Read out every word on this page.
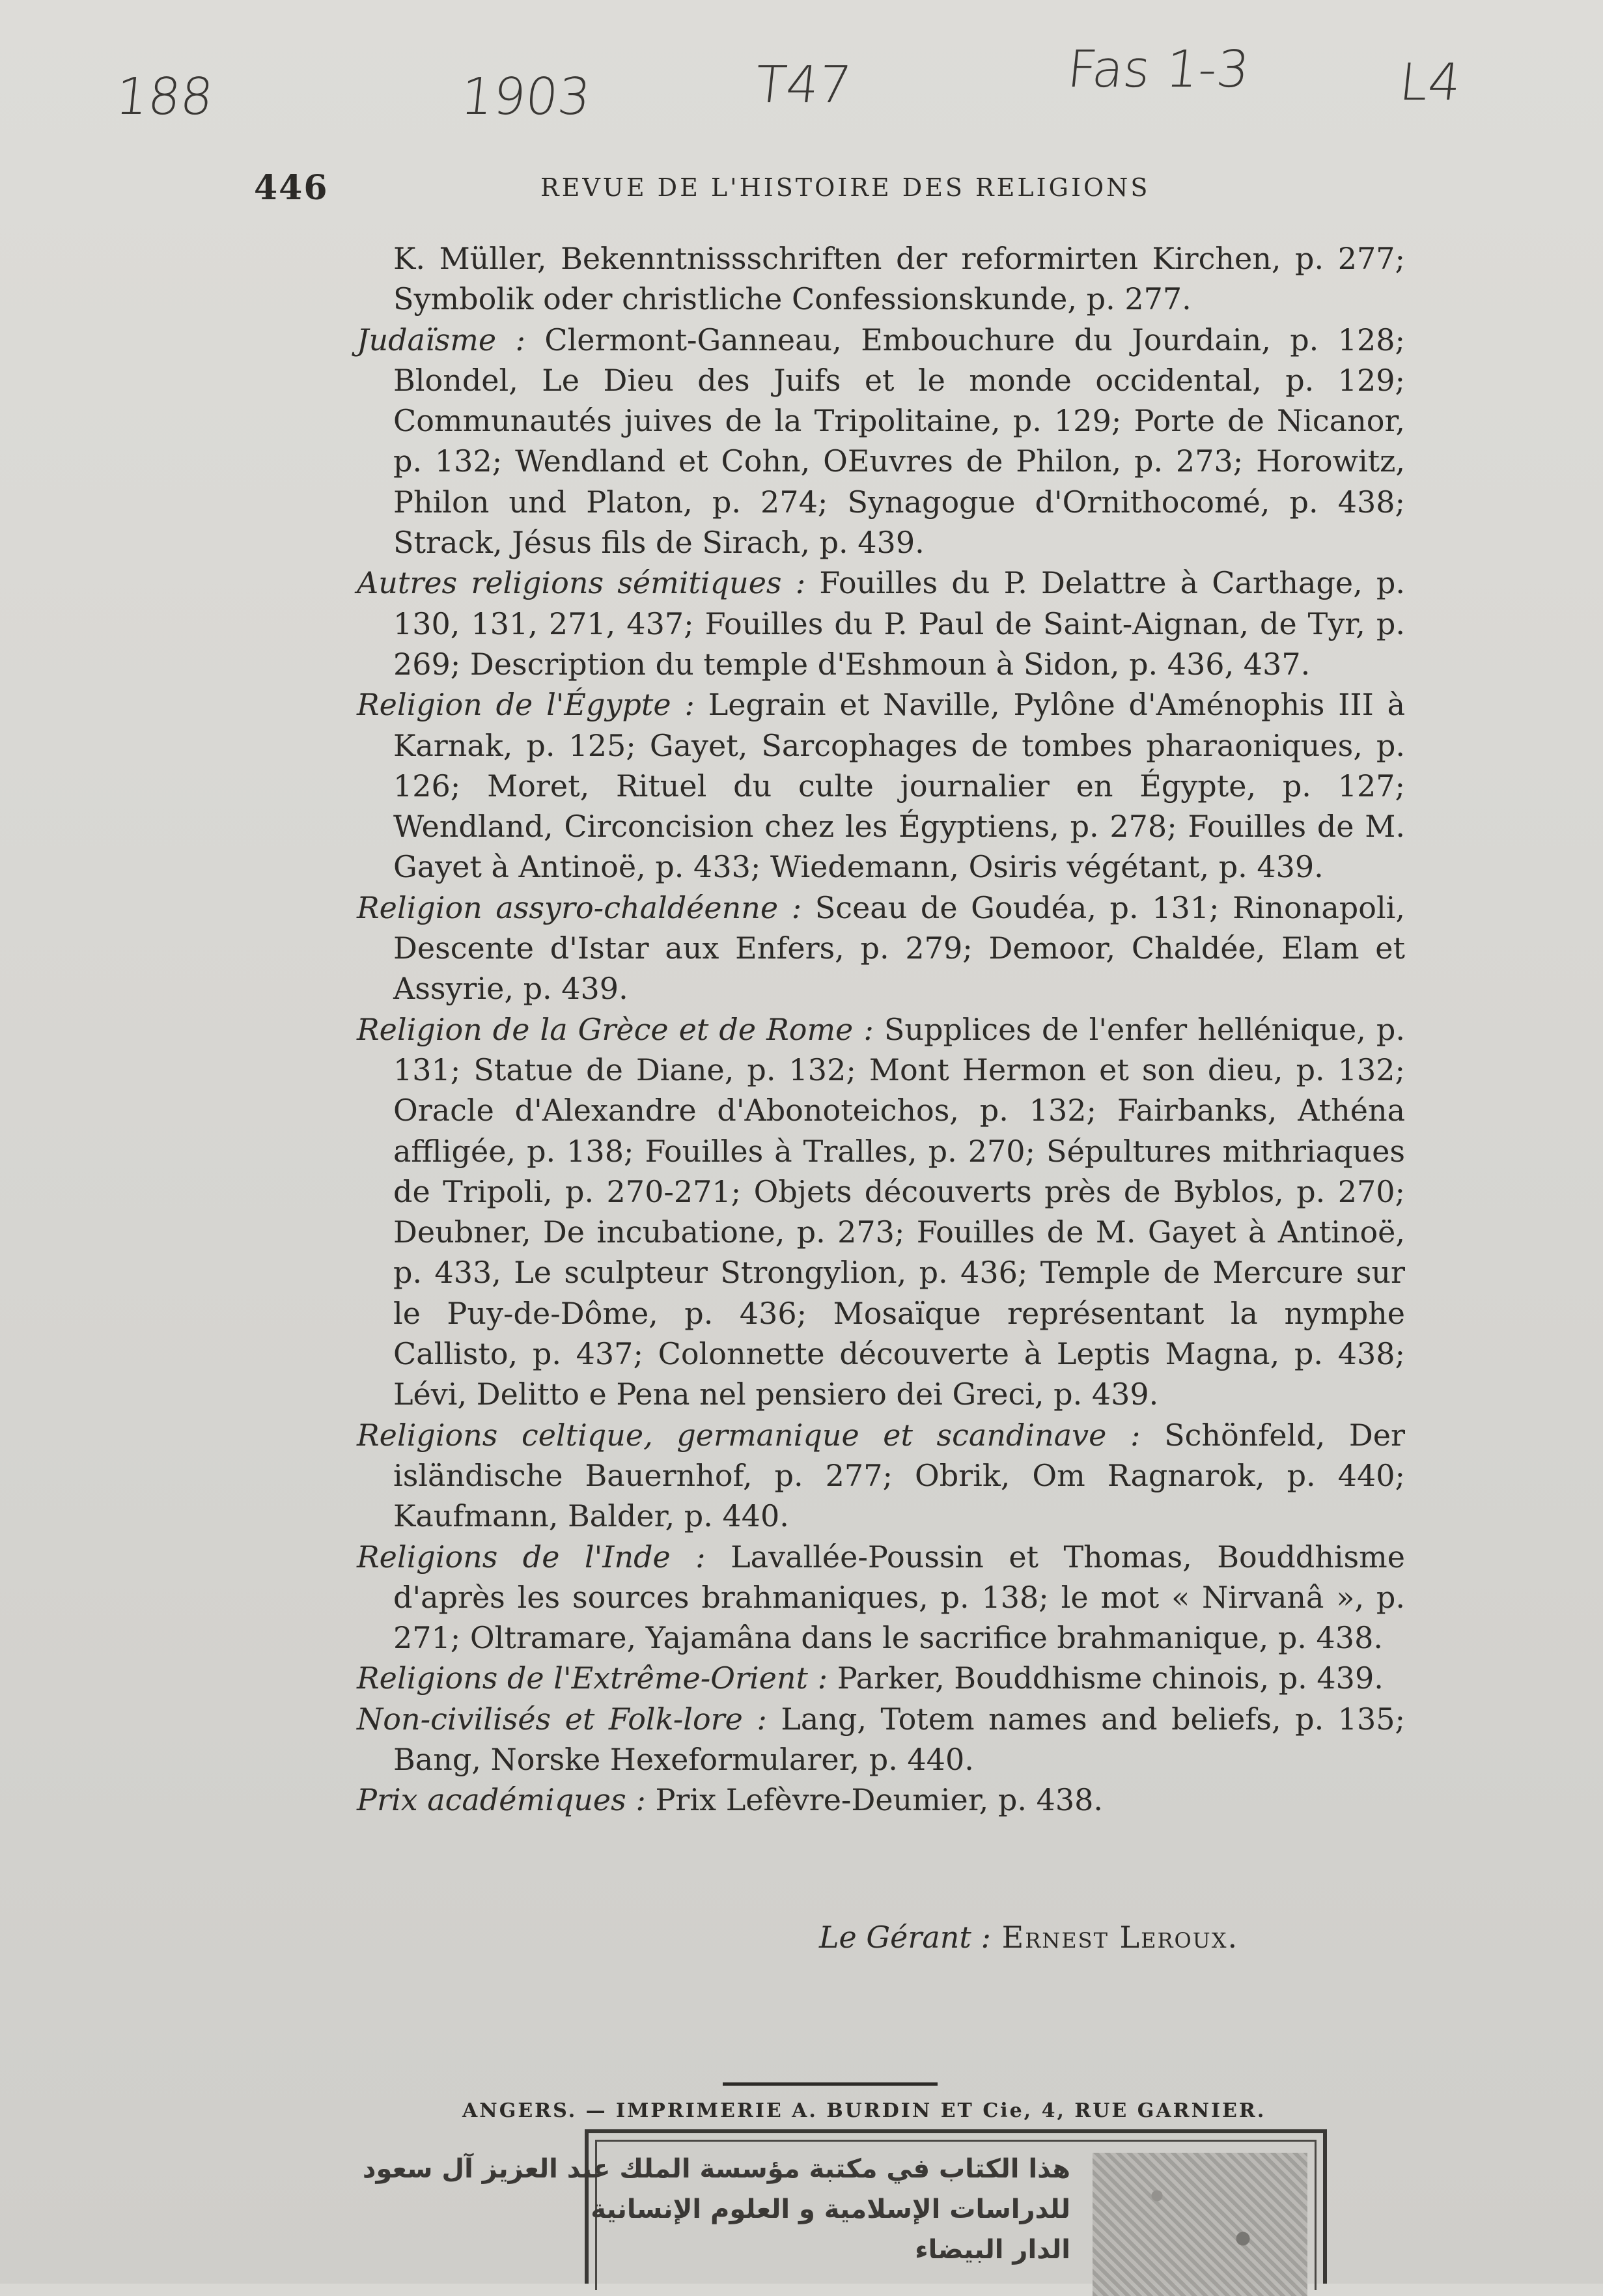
188	1903	T47	Fas 1-3	L4
446	REVUE DE L'HISTOIRE DES RELIGIONS

K. Müller, Bekenntnissschriften der reformirten Kirchen, p. 277; Symbolik oder christliche Confessionskunde, p. 277.

Judaïsme : Clermont-Ganneau, Embouchure du Jourdain, p. 128; Blondel, Le Dieu des Juifs et le monde occidental, p. 129; Communautés juives de la Tripolitaine, p. 129; Porte de Nicanor, p. 132; Wendland et Cohn, OEuvres de Philon, p. 273; Horowitz, Philon und Platon, p. 274; Synagogue d'Ornithocomé, p. 438; Strack, Jésus fils de Sirach, p. 439.

Autres religions sémitiques : Fouilles du P. Delattre à Carthage, p. 130, 131, 271, 437; Fouilles du P. Paul de Saint-Aignan, de Tyr, p. 269; Description du temple d'Eshmoun à Sidon, p. 436, 437.

Religion de l'Égypte : Legrain et Naville, Pylône d'Aménophis III à Karnak, p. 125; Gayet, Sarcophages de tombes pharaoniques, p. 126; Moret, Rituel du culte journalier en Égypte, p. 127; Wendland, Circoncision chez les Égyptiens, p. 278; Fouilles de M. Gayet à Antinoë, p. 433; Wiedemann, Osiris végétant, p. 439.

Religion assyro-chaldéenne : Sceau de Goudéa, p. 131; Rinonapoli, Descente d'Istar aux Enfers, p. 279; Demoor, Chaldée, Elam et Assyrie, p. 439.

Religion de la Grèce et de Rome : Supplices de l'enfer hellénique, p. 131; Statue de Diane, p. 132; Mont Hermon et son dieu, p. 132; Oracle d'Alexandre d'Abonoteichos, p. 132; Fairbanks, Athéna affligée, p. 138; Fouilles à Tralles, p. 270; Sépultures mithriaques de Tripoli, p. 270-271; Objets découverts près de Byblos, p. 270; Deubner, De incubatione, p. 273; Fouilles de M. Gayet à Antinoë, p. 433, Le sculpteur Strongylion, p. 436; Temple de Mercure sur le Puy-de-Dôme, p. 436; Mosaïque représentant la nymphe Callisto, p. 437; Colonnette découverte à Leptis Magna, p. 438; Lévi, Delitto e Pena nel pensiero dei Greci, p. 439.

Religions celtique, germanique et scandinave : Schönfeld, Der isländische Bauernhof, p. 277; Obrik, Om Ragnarok, p. 440; Kaufmann, Balder, p. 440.

Religions de l'Inde : Lavallée-Poussin et Thomas, Bouddhisme d'après les sources brahmaniques, p. 138; le mot « Nirvanâ », p. 271; Oltramare, Yajamâna dans le sacrifice brahmanique, p. 438.

Religions de l'Extrême-Orient : Parker, Bouddhisme chinois, p. 439.

Non-civilisés et Folk-lore : Lang, Totem names and beliefs, p. 135; Bang, Norske Hexeformularer, p. 440.

Prix académiques : Prix Lefèvre-Deumier, p. 438.

Le Gérant : Ernest Leroux.
ANGERS. — IMPRIMERIE A. BURDIN ET Cie, 4, RUE GARNIER.
هذا الكتاب في مكتبة مؤسسة الملك عبد العزيز آل سعود
للدراسات الإسلامية و العلوم الإنسانية
الدار البيضاء
